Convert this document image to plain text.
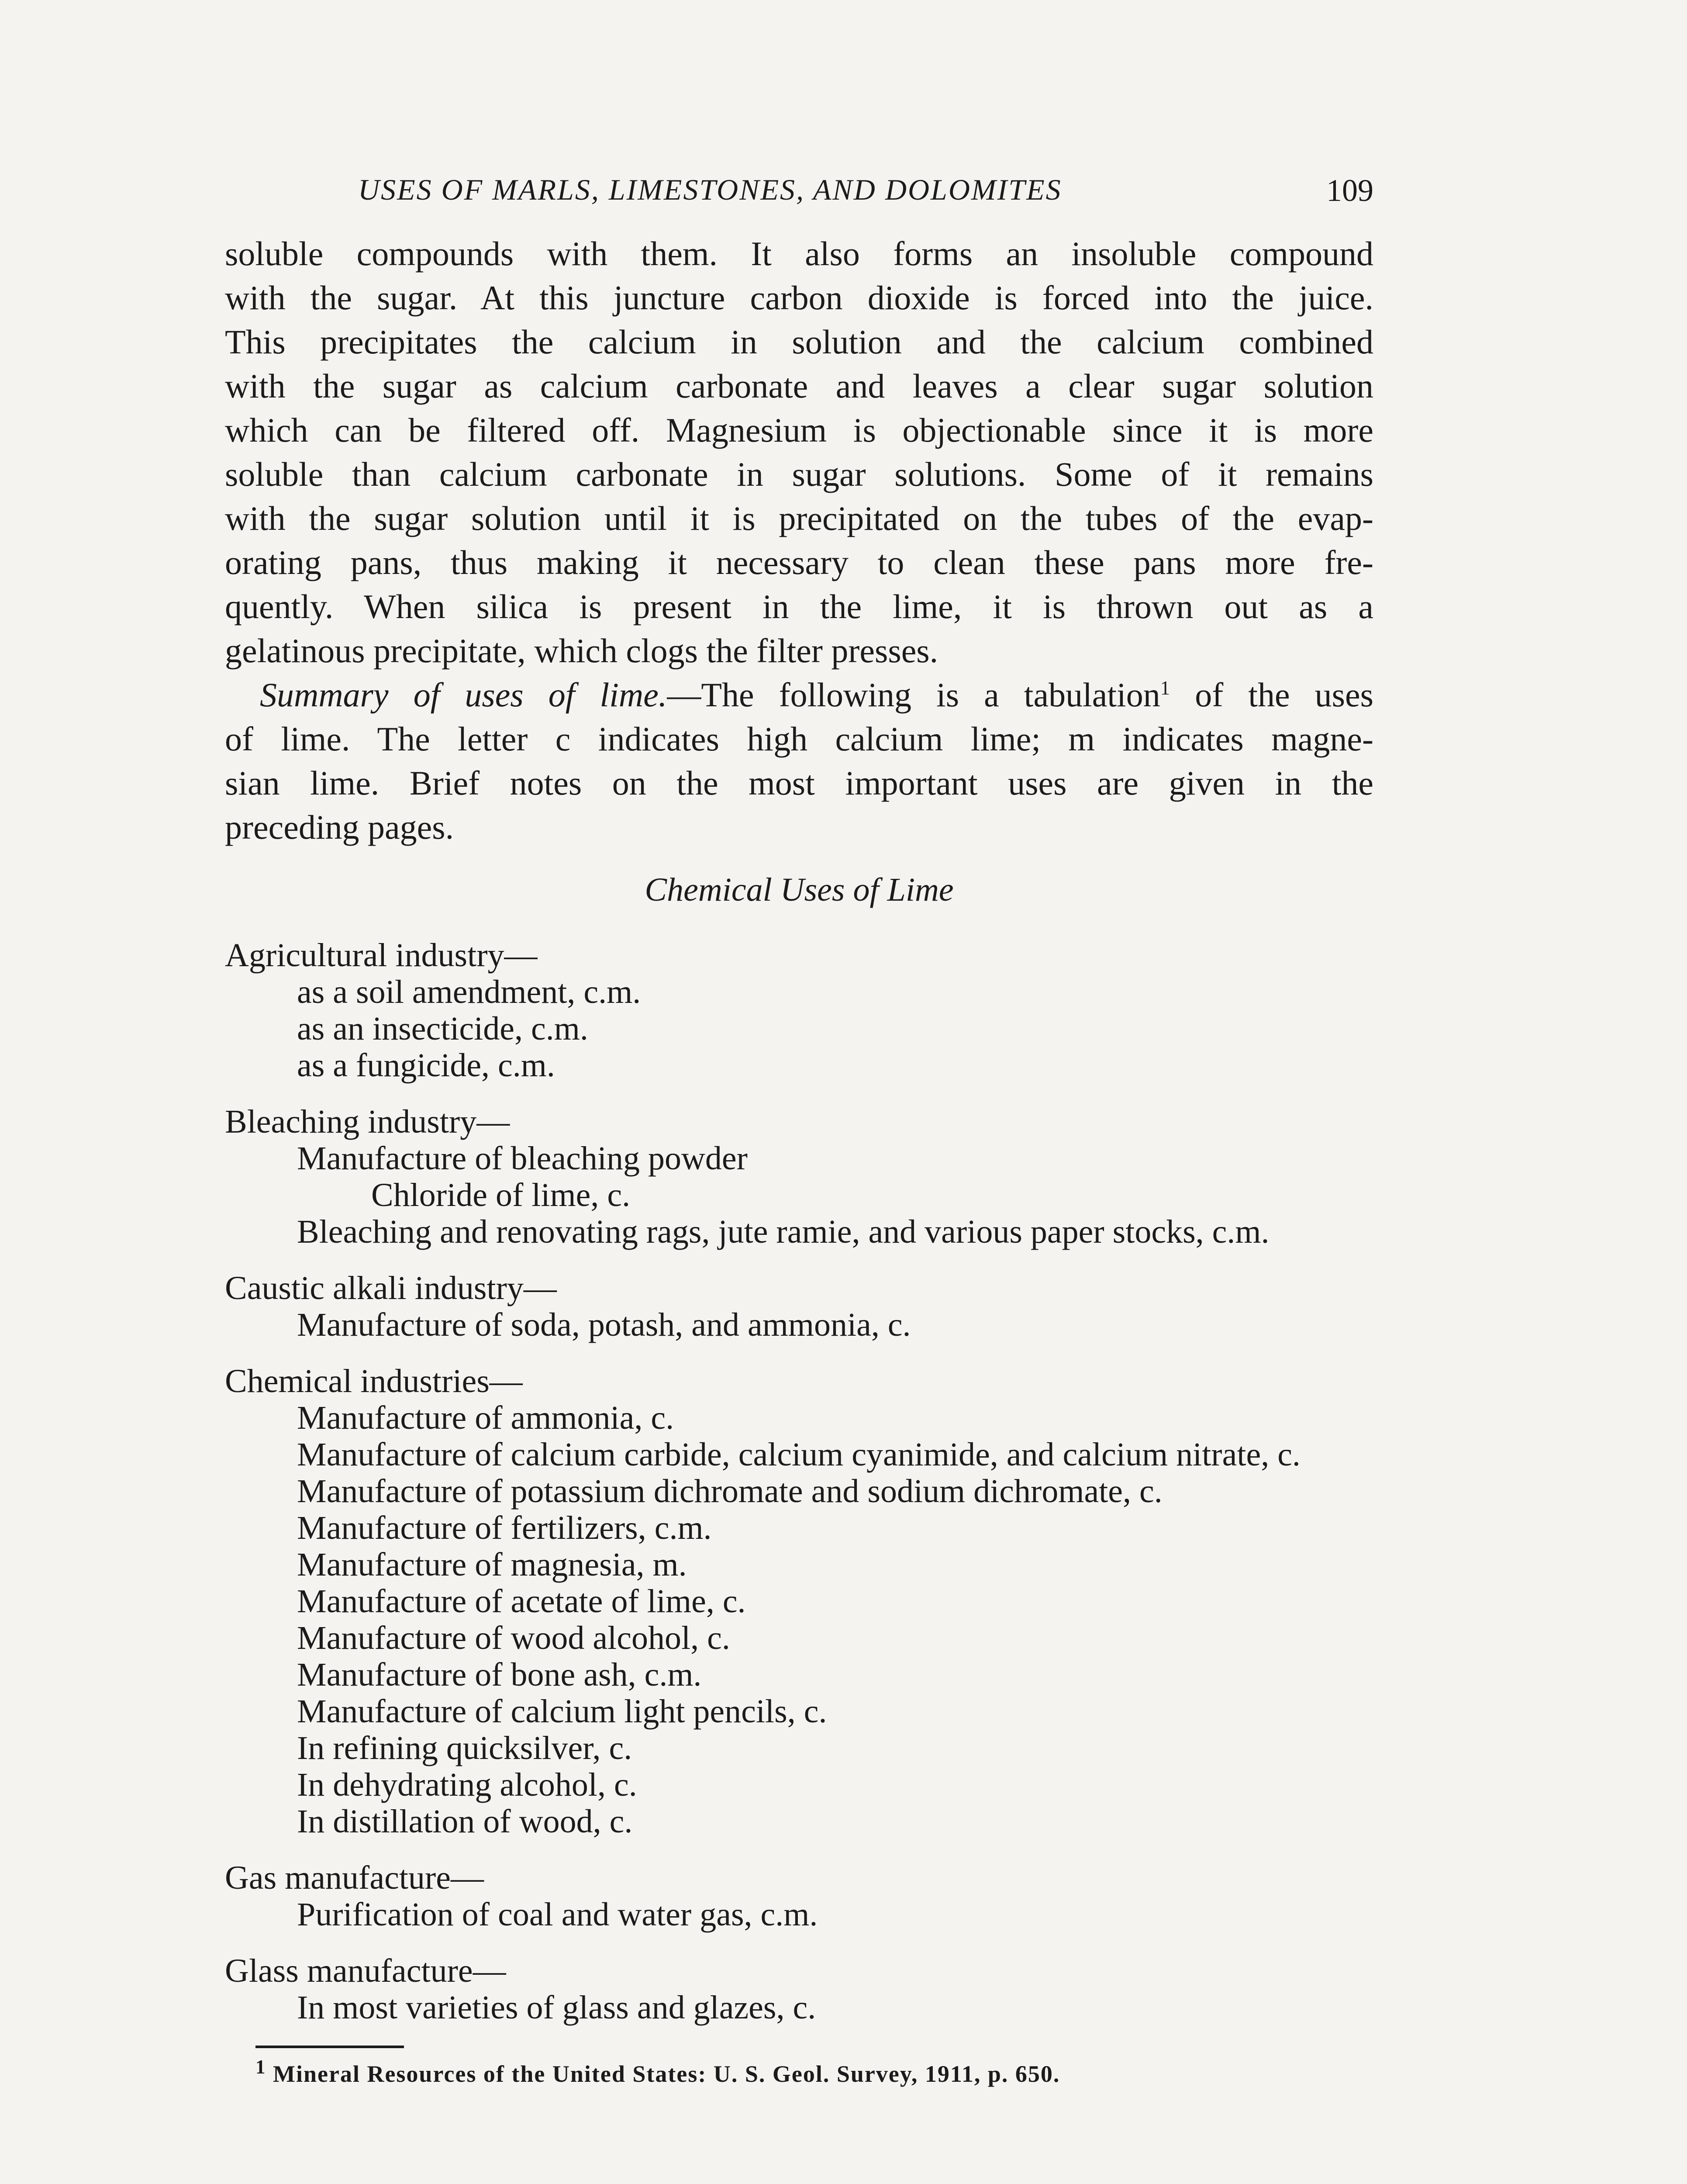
USES OF MARLS, LIMESTONES, AND DOLOMITES	109

soluble compounds with them. It also forms an insoluble compound
with the sugar. At this juncture carbon dioxide is forced into the juice.
This precipitates the calcium in solution and the calcium combined
with the sugar as calcium carbonate and leaves a clear sugar solution
which can be filtered off. Magnesium is objectionable since it is more
soluble than calcium carbonate in sugar solutions. Some of it remains
with the sugar solution until it is precipitated on the tubes of the evap-
orating pans, thus making it necessary to clean these pans more fre-
quently. When silica is present in the lime, it is thrown out as a
gelatinous precipitate, which clogs the filter presses.

Summary of uses of lime.—The following is a tabulation$^1$ of the uses
of lime. The letter c indicates high calcium lime; m indicates magne-
sian lime. Brief notes on the most important uses are given in the
preceding pages.

Chemical Uses of Lime
Agricultural industry—
as a soil amendment, c.m.
as an insecticide, c.m.
as a fungicide, c.m.
Bleaching industry—
Manufacture of bleaching powder
Chloride of lime, c.
Bleaching and renovating rags, jute ramie, and various paper stocks, c.m.
Caustic alkali industry—
Manufacture of soda, potash, and ammonia, c.
Chemical industries—
Manufacture of ammonia, c.
Manufacture of calcium carbide, calcium cyanimide, and calcium nitrate, c.
Manufacture of potassium dichromate and sodium dichromate, c.
Manufacture of fertilizers, c.m.
Manufacture of magnesia, m.
Manufacture of acetate of lime, c.
Manufacture of wood alcohol, c.
Manufacture of bone ash, c.m.
Manufacture of calcium light pencils, c.
In refining quicksilver, c.
In dehydrating alcohol, c.
In distillation of wood, c.
Gas manufacture—
Purification of coal and water gas, c.m.
Glass manufacture—
In most varieties of glass and glazes, c.
$^1$ Mineral Resources of the United States: U. S. Geol. Survey, 1911, p. 650.
